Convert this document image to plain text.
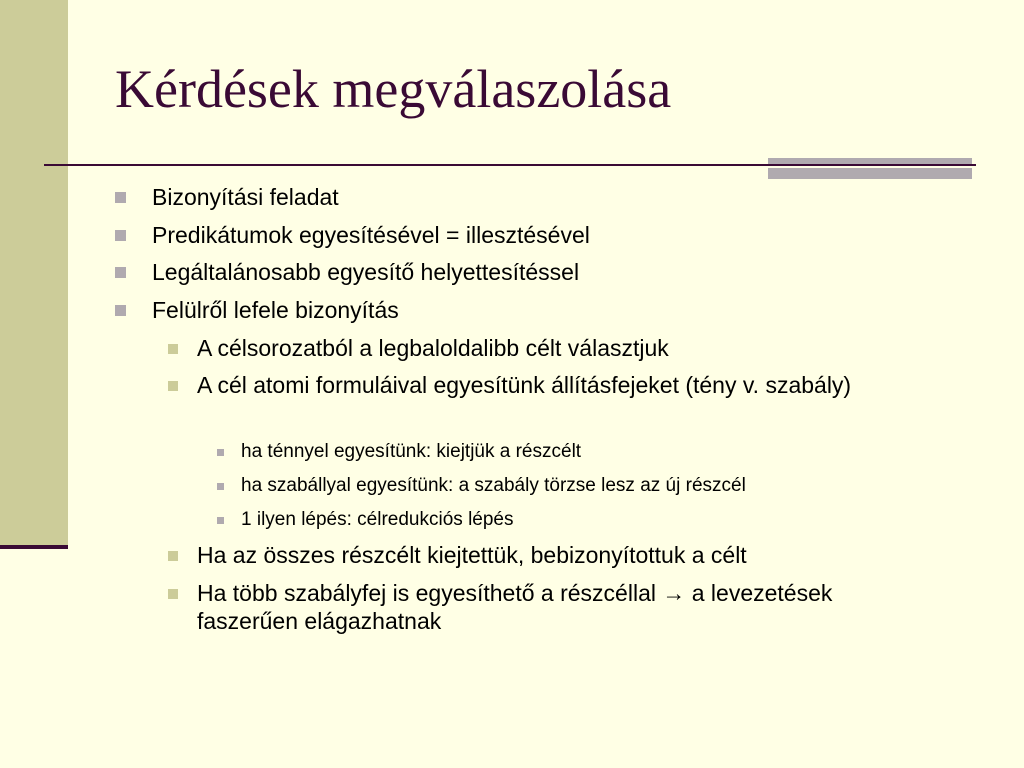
Kérdések megválaszolása
Bizonyítási feladat
Predikátumok egyesítésével = illesztésével
Legáltalánosabb egyesítő helyettesítéssel
Felülről lefele bizonyítás
A célsorozatból a legbaloldalibb célt választjuk
A cél atomi formuláival egyesítünk állításfejeket (tény v. szabály)
ha ténnyel egyesítünk: kiejtjük a részcélt
ha szabállyal egyesítünk: a szabály törzse lesz az új részcél
1 ilyen lépés: célredukciós lépés
Ha az összes részcélt kiejtettük, bebizonyítottuk a célt
Ha több szabályfej is egyesíthető a részcéllal → a levezetések faszerűen elágazhatnak
